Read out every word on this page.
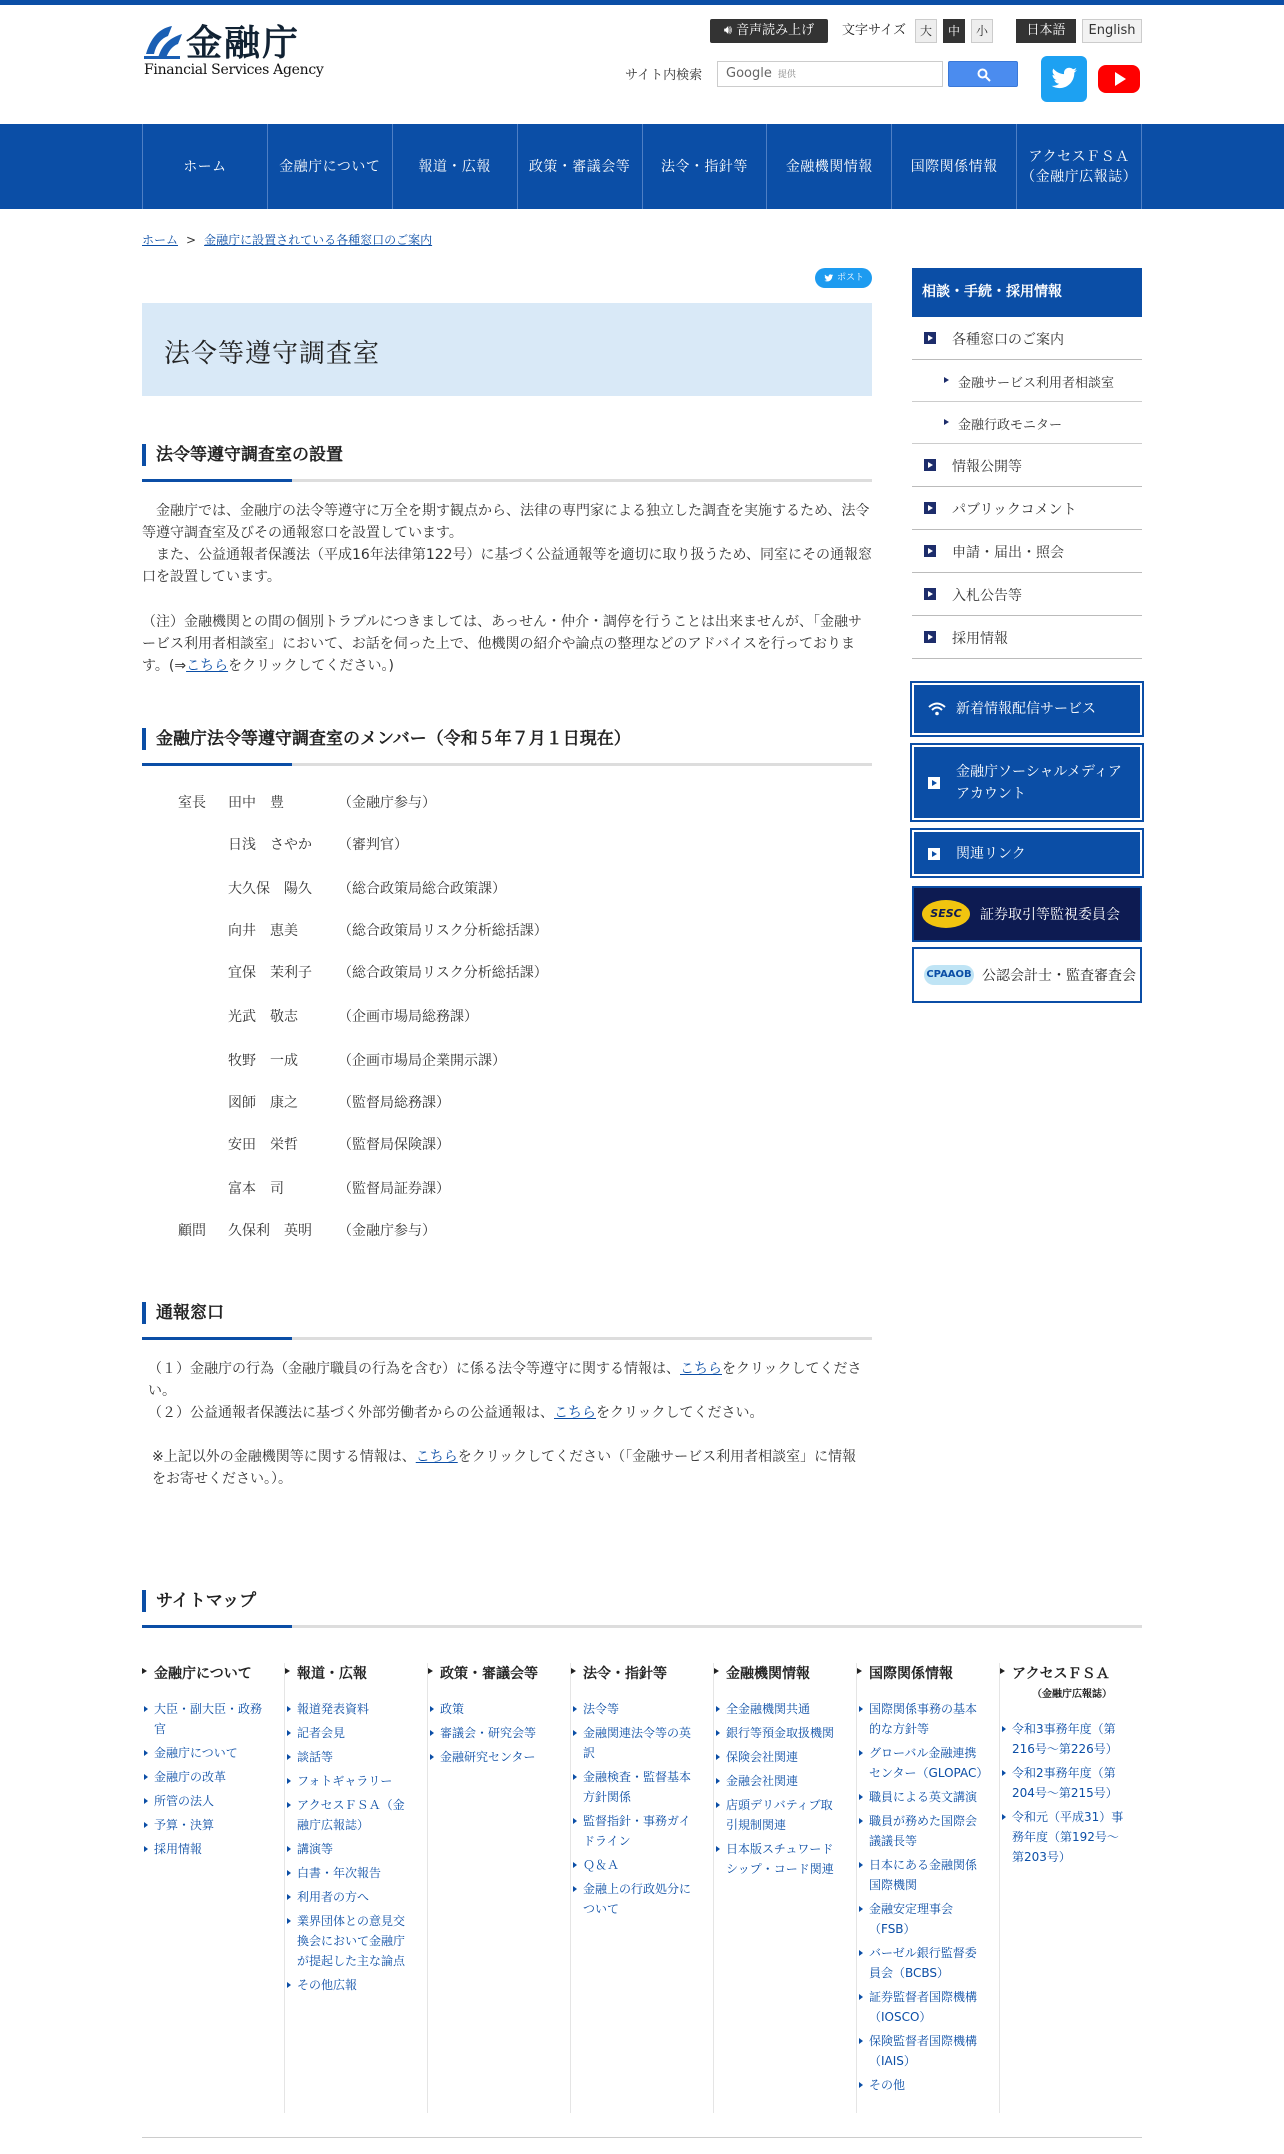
金融庁
Financial Services Agency
🔊︎ 音声読み上げ	文字サイズ	大	中	小	日本語	English
サイト内検索	Google 提供
ホーム	金融庁について	報道・広報	政策・審議会等	法令・指針等	金融機関情報	国際関係情報
アクセスＦＳＡ
（金融庁広報誌）
ホーム > 金融庁に設置されている各種窓口のご案内
ポスト
法令等遵守調査室
法令等遵守調査室の設置
金融庁では、金融庁の法令等遵守に万全を期す観点から、法律の専門家による独立した調査を実施するため、法令等遵守調査室及びその通報窓口を設置しています。
また、公益通報者保護法（平成16年法律第122号）に基づく公益通報等を適切に取り扱うため、同室にその通報窓口を設置しています。
（注）金融機関との間の個別トラブルにつきましては、あっせん・仲介・調停を行うことは出来ませんが、「金融サービス利用者相談室」において、お話を伺った上で、他機関の紹介や論点の整理などのアドバイスを行っております。(⇒こちらをクリックしてください。)
金融庁法令等遵守調査室のメンバー（令和５年７月１日現在）
室長	田中　豊	（金融庁参与）
日浅　さやか	（審判官）
大久保　陽久	（総合政策局総合政策課）
向井　恵美	（総合政策局リスク分析総括課）
宜保　茉利子	（総合政策局リスク分析総括課）
光武　敬志	（企画市場局総務課）
牧野　一成	（企画市場局企業開示課）
図師　康之	（監督局総務課）
安田　栄哲	（監督局保険課）
富本　司	（監督局証券課）
顧問	久保利　英明	（金融庁参与）
通報窓口
（１）金融庁の行為（金融庁職員の行為を含む）に係る法令等遵守に関する情報は、こちらをクリックしてください。
（２）公益通報者保護法に基づく外部労働者からの公益通報は、こちらをクリックしてください。
※上記以外の金融機関等に関する情報は、こちらをクリックしてください（「金融サービス利用者相談室」に情報をお寄せください。）。
相談・手続・採用情報
各種窓口のご案内
金融サービス利用者相談室
金融行政モニター
情報公開等
パブリックコメント
申請・届出・照会
入札公告等
採用情報
新着情報配信サービス
金融庁ソーシャルメディア
アカウント
関連リンク
SESC	証券取引等監視委員会
CPAAOB 公認会計士・監査審査会
サイトマップ
金融庁について
大臣・副大臣・政務官
金融庁について
金融庁の改革
所管の法人
予算・決算
採用情報
報道・広報
報道発表資料
記者会見
談話等
フォトギャラリー
アクセスＦＳＡ（金融庁広報誌）
講演等
白書・年次報告
利用者の方へ
業界団体との意見交換会において金融庁が提起した主な論点
その他広報
政策・審議会等
政策
審議会・研究会等
金融研究センター
法令・指針等
法令等
金融関連法令等の英訳
金融検査・監督基本方針関係
監督指針・事務ガイドライン
Ｑ＆Ａ
金融上の行政処分について
金融機関情報
全金融機関共通
銀行等預金取扱機関
保険会社関連
金融会社関連
店頭デリバティブ取引規制関連
日本版スチュワードシップ・コード関連
国際関係情報
国際関係事務の基本的な方針等
グローバル金融連携センター（GLOPAC）
職員による英文講演
職員が務めた国際会議議長等
日本にある金融関係国際機関
金融安定理事会（FSB）
バーゼル銀行監督委員会（BCBS）
証券監督者国際機構（IOSCO）
保険監督者国際機構（IAIS）
その他
アクセスＦＳＡ
（金融庁広報誌）
令和3事務年度（第216号〜第226号）
令和2事務年度（第204号〜第215号）
令和元（平成31）事務年度（第192号〜第203号）
